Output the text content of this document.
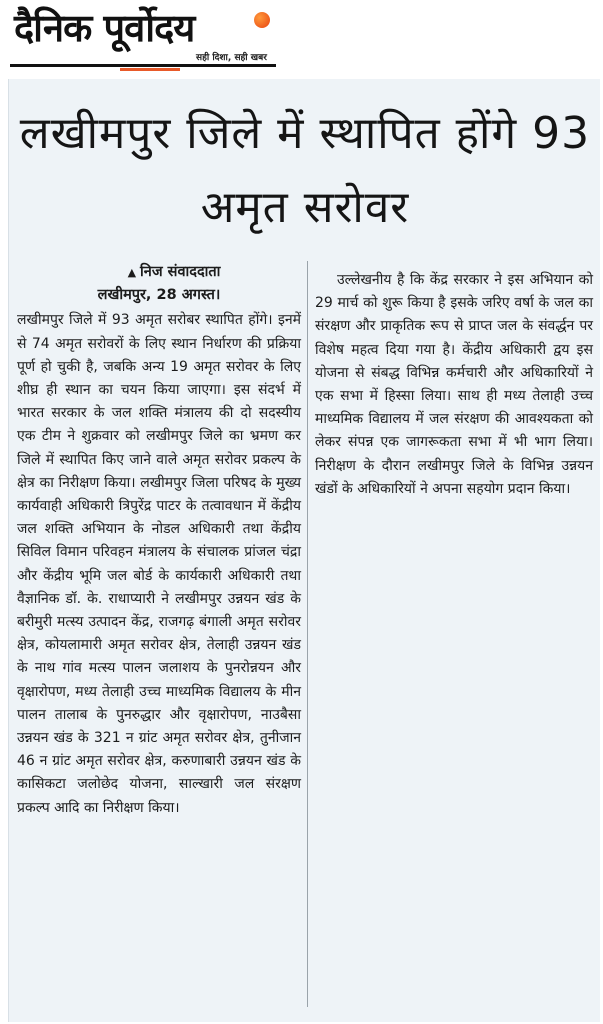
दैनिक पूर्वोदय
सही दिशा, सही खबर
लखीमपुर जिले में स्थापित होंगे 93 अमृत सरोवर
▲ निज संवाददाता
लखीमपुर, 28 अगस्त।

लखीमपुर जिले में 93 अमृत सरोबर स्थापित होंगे। इनमें से 74 अमृत सरोवरों के लिए स्थान निर्धारण की प्रक्रिया पूर्ण हो चुकी है, जबकि अन्य 19 अमृत सरोवर के लिए शीघ्र ही स्थान का चयन किया जाएगा। इस संदर्भ में भारत सरकार के जल शक्ति मंत्रालय की दो सदस्यीय एक टीम ने शुक्रवार को लखीमपुर जिले का भ्रमण कर जिले में स्थापित किए जाने वाले अमृत सरोवर प्रकल्प के क्षेत्र का निरीक्षण किया। लखीमपुर जिला परिषद के मुख्य कार्यवाही अधिकारी त्रिपुरेंद्र पाटर के तत्वावधान में केंद्रीय जल शक्ति अभियान के नोडल अधिकारी तथा केंद्रीय सिविल विमान परिवहन मंत्रालय के संचालक प्रांजल चंद्रा और केंद्रीय भूमि जल बोर्ड के कार्यकारी अधिकारी तथा वैज्ञानिक डॉ. के. राधाप्यारी ने लखीमपुर उन्नयन खंड के बरीमुरी मत्स्य उत्पादन केंद्र, राजगढ़ बंगाली अमृत सरोवर क्षेत्र, कोयलामारी अमृत सरोवर क्षेत्र, तेलाही उन्नयन खंड के नाथ गांव मत्स्य पालन जलाशय के पुनरोन्नयन और वृक्षारोपण, मध्य तेलाही उच्च माध्यमिक विद्यालय के मीन पालन तालाब के पुनरुद्धार और वृक्षारोपण, नाउबैसा उन्नयन खंड के 321 न ग्रांट अमृत सरोवर क्षेत्र, तुनीजान 46 न ग्रांट अमृत सरोवर क्षेत्र, करुणाबारी उन्नयन खंड के कासिकटा जलोछेद योजना, साल्खारी जल संरक्षण प्रकल्प आदि का निरीक्षण किया।

उल्लेखनीय है कि केंद्र सरकार ने इस अभियान को 29 मार्च को शुरू किया है इसके जरिए वर्षा के जल का संरक्षण और प्राकृतिक रूप से प्राप्त जल के संवर्द्धन पर विशेष महत्व दिया गया है। केंद्रीय अधिकारी द्वय इस योजना से संबद्ध विभिन्न कर्मचारी और अधिकारियों ने एक सभा में हिस्सा लिया। साथ ही मध्य तेलाही उच्च माध्यमिक विद्यालय में जल संरक्षण की आवश्यकता को लेकर संपन्न एक जागरूकता सभा में भी भाग लिया। निरीक्षण के दौरान लखीमपुर जिले के विभिन्न उन्नयन खंडों के अधिकारियों ने अपना सहयोग प्रदान किया।
